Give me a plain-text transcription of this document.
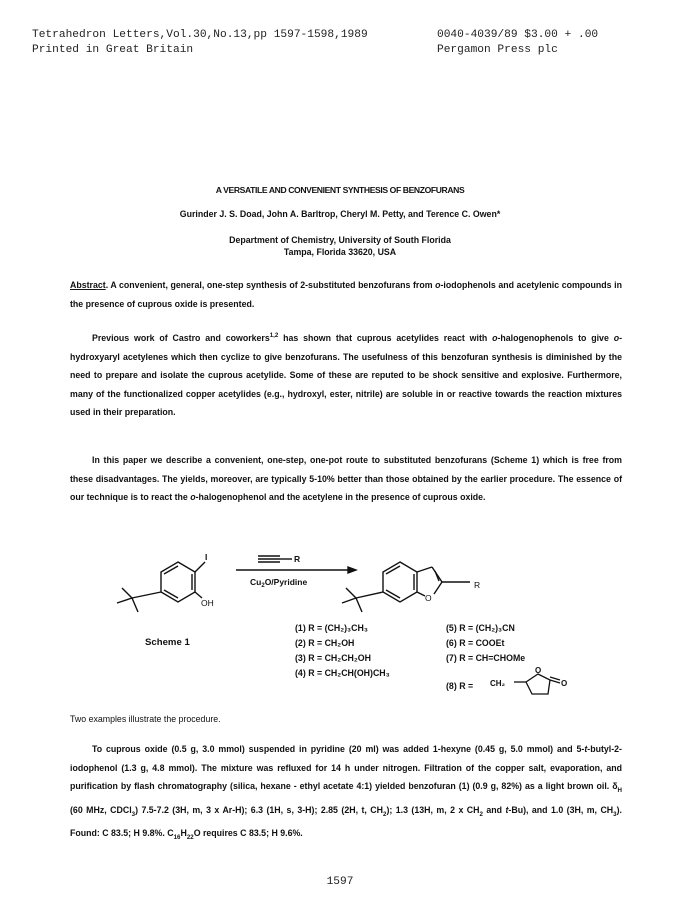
Tetrahedron Letters,Vol.30,No.13,pp 1597-1598,1989
Printed in Great Britain
0040-4039/89 $3.00 + .00
Pergamon Press plc
A VERSATILE AND CONVENIENT SYNTHESIS OF BENZOFURANS
Gurinder J. S. Doad, John A. Barltrop, Cheryl M. Petty, and Terence C. Owen*
Department of Chemistry, University of South Florida
Tampa, Florida 33620, USA

Abstract. A convenient, general, one-step synthesis of 2-substituted benzofurans from o-iodophenols and acetylenic compounds in the presence of cuprous oxide is presented.

Previous work of Castro and coworkers$^{1,2}$ has shown that cuprous acetylides react with o-halogenophenols to give o-hydroxyaryl acetylenes which then cyclize to give benzofurans. The usefulness of this benzofuran synthesis is diminished by the need to prepare and isolate the cuprous acetylide. Some of these are reputed to be shock sensitive and explosive. Furthermore, many of the functionalized copper acetylides (e.g., hydroxyl, ester, nitrile) are soluble in or reactive towards the reaction mixtures used in their preparation.

In this paper we describe a convenient, one-step, one-pot route to substituted benzofurans (Scheme 1) which is free from these disadvantages. The yields, moreover, are typically 5-10% better than those obtained by the earlier procedure. The essence of our technique is to react the o-halogenophenol and the acetylene in the presence of cuprous oxide.

I
OH
R
$Cu_2O$/Pyridine
O
R
Scheme 1
(1) R = (CH₂)₃CH₃
(2) R = CH₂OH
(3) R = CH₂CH₂OH
(4) R = CH₂CH(OH)CH₃
(5) R = (CH₂)₃CN
(6) R = COOEt
(7) R = CH=CHOMe
(8) R = CH₂
O
O

Two examples illustrate the procedure.

To cuprous oxide (0.5 g, 3.0 mmol) suspended in pyridine (20 ml) was added 1-hexyne (0.45 g, 5.0 mmol) and 5-t-butyl-2-iodophenol (1.3 g, 4.8 mmol). The mixture was refluxed for 14 h under nitrogen. Filtration of the copper salt, evaporation, and purification by flash chromatography (silica, hexane - ethyl acetate 4:1) yielded benzofuran (1) (0.9 g, 82%) as a light brown oil. $\delta_H$ (60 MHz, CDCl$_3$) 7.5-7.2 (3H, m, 3 x Ar-H); 6.3 (1H, s, 3-H); 2.85 (2H, t, $CH_2$); 1.3 (13H, m, 2 x $CH_2$ and t-Bu), and 1.0 (3H, m, $CH_3$). Found: C 83.5; H 9.8%. $C_{16}H_{22}O$ requires C 83.5; H 9.6%.

1597
